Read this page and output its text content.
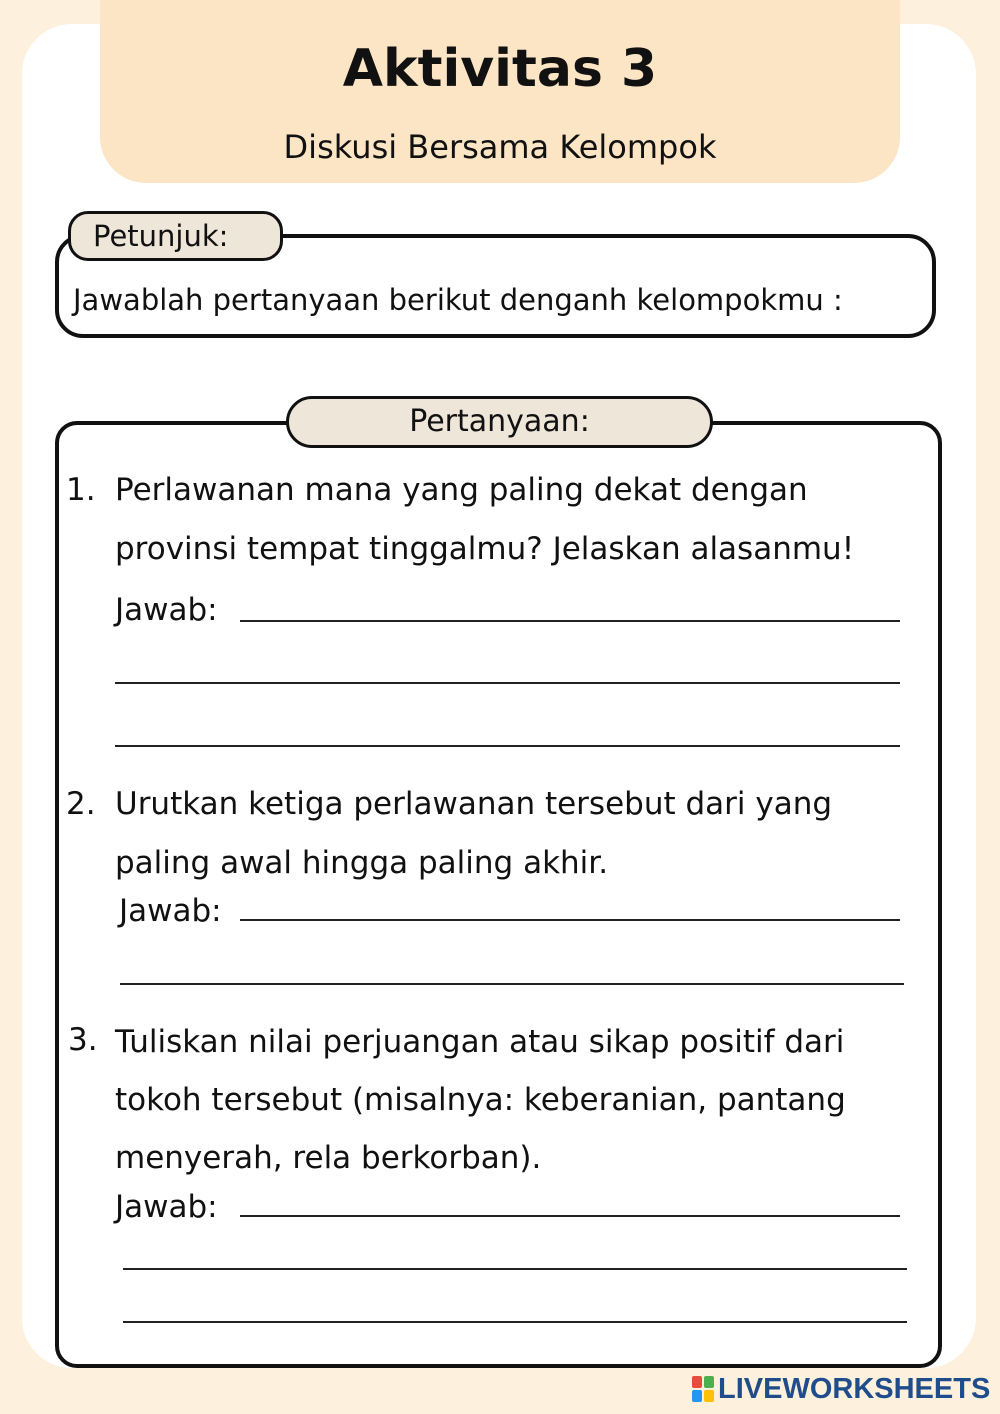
Aktivitas 3
Diskusi Bersama Kelompok
Petunjuk:
Jawablah pertanyaan berikut denganh kelompokmu :
Pertanyaan:
1. Perlawanan mana yang paling dekat dengan
provinsi tempat tinggalmu? Jelaskan alasanmu!
Jawab:
2. Urutkan ketiga perlawanan tersebut dari yang
paling awal hingga paling akhir.
Jawab:
3. Tuliskan nilai perjuangan atau sikap positif dari
tokoh tersebut (misalnya: keberanian, pantang
menyerah, rela berkorban).
Jawab:
LIVEWORKSHEETS
